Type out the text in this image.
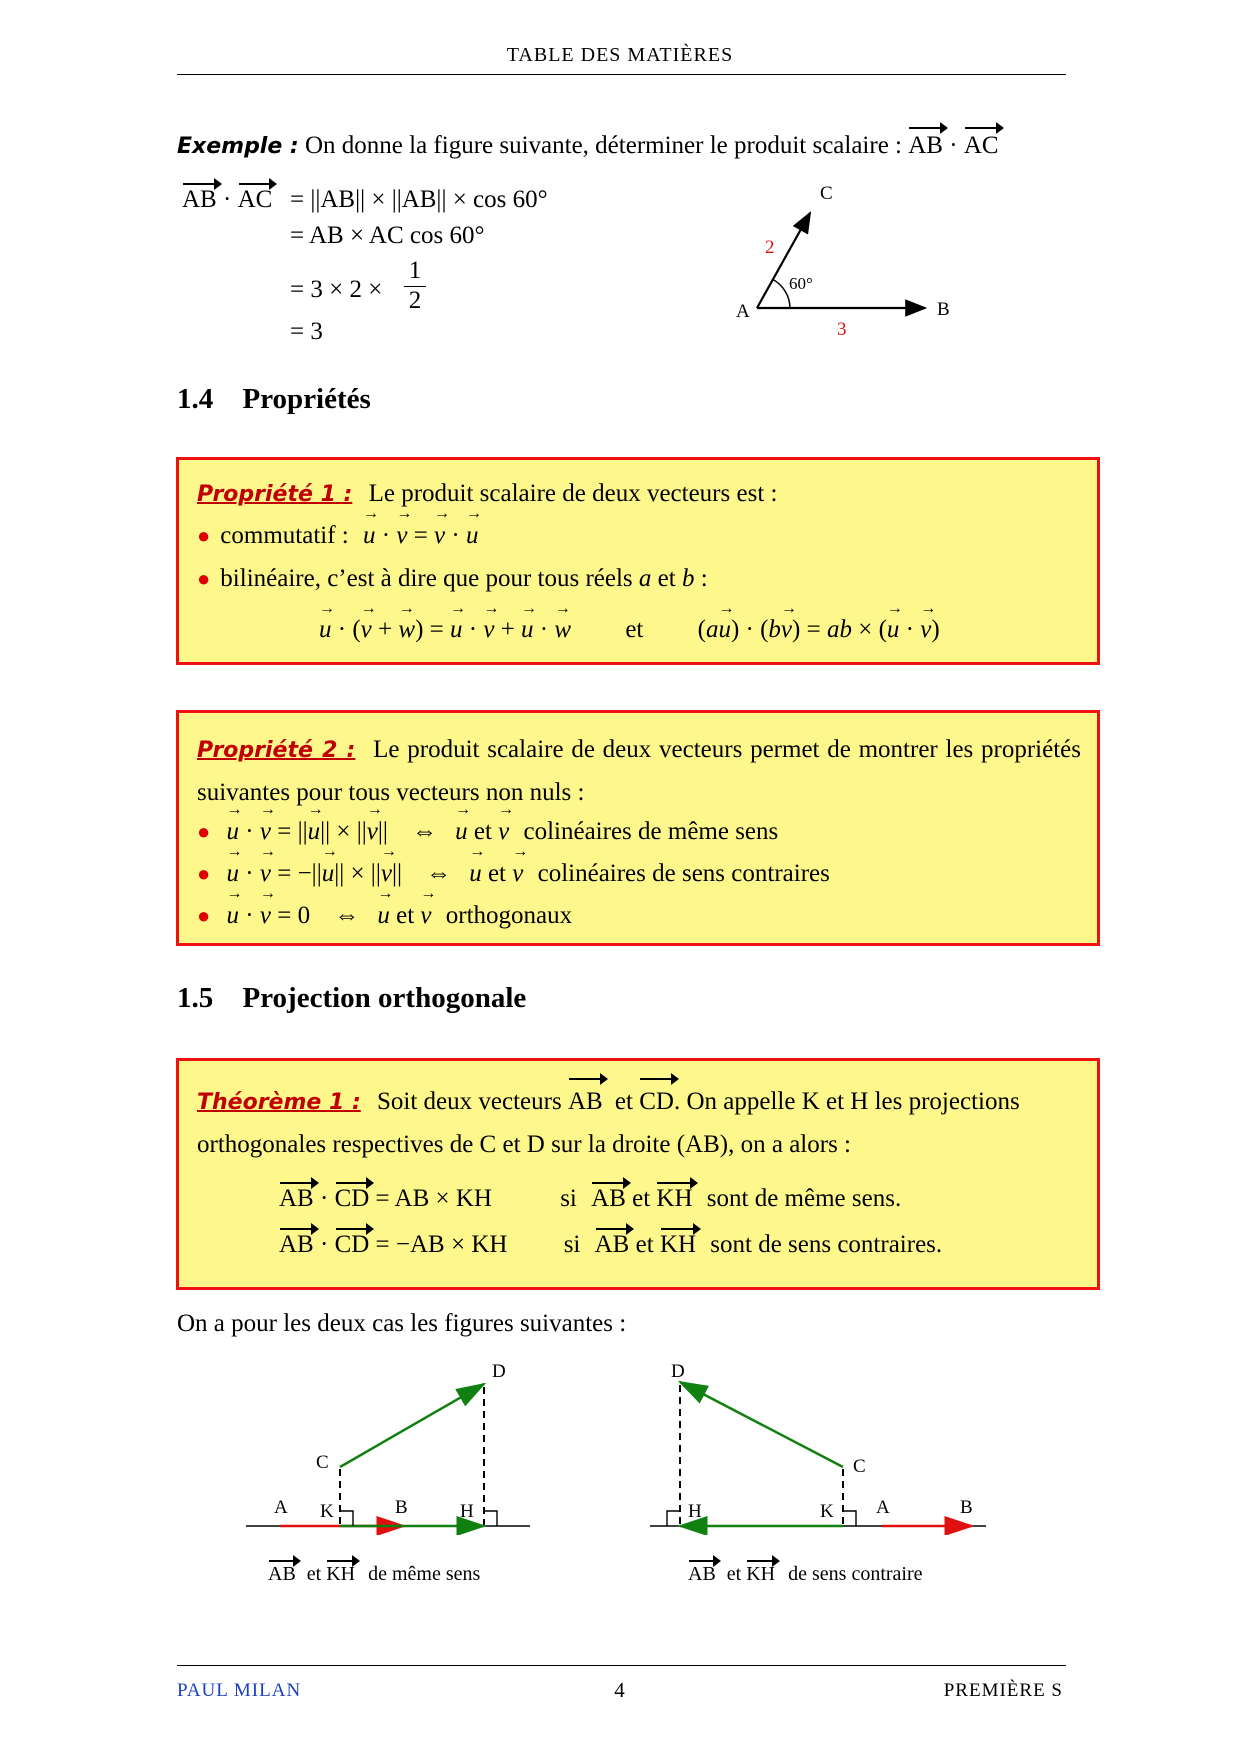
TABLE DES MATIÈRES
Exemple : On donne la figure suivante, déterminer le produit scalaire : AB · AC
AB · AC = ||AB|| × ||AB|| × cos 60°
= AB × AC cos 60°
= 3 × 2 ×
1
2
= 3
A	B
C
2
3
60°
1.4 Propriétés
Propriété 1 : Le produit scalaire de deux vecteurs est :
● commutatif : → u · → v = → v · → u
● bilinéaire, c’est à dire que pour tous réels a et b :
→ u · (→ v + → w) = → u · → v + → u · → w et (a→ u) · (b→ v) = ab × (→ u · → v)
Propriété 2 : Le produit scalaire de deux vecteurs permet de montrer les propriétés suivantes pour tous vecteurs non nuls :
● → u · → v = ||→ u|| × ||→ v|| ⇔ → u et → v colinéaires de même sens
● → u · → v = −||→ u|| × ||→ v|| ⇔ → u et → v colinéaires de sens contraires
● → u · → v = 0 ⇔ → u et → v orthogonaux
1.5 Projection orthogonale
Théorème 1 : Soit deux vecteurs AB et CD. On appelle K et H les projections orthogonales respectives de C et D sur la droite (AB), on a alors :
AB · CD = AB × KH	si AB et KH sont de même sens.
AB · CD = −AB × KH si AB et KH sont de sens contraires.
On a pour les deux cas les figures suivantes :
A K	B	H
C
D
AB et KH de même sens
A
K	B
H
C
D
AB et KH de sens contraire
PAUL MILAN	4	PREMIÈRE S
